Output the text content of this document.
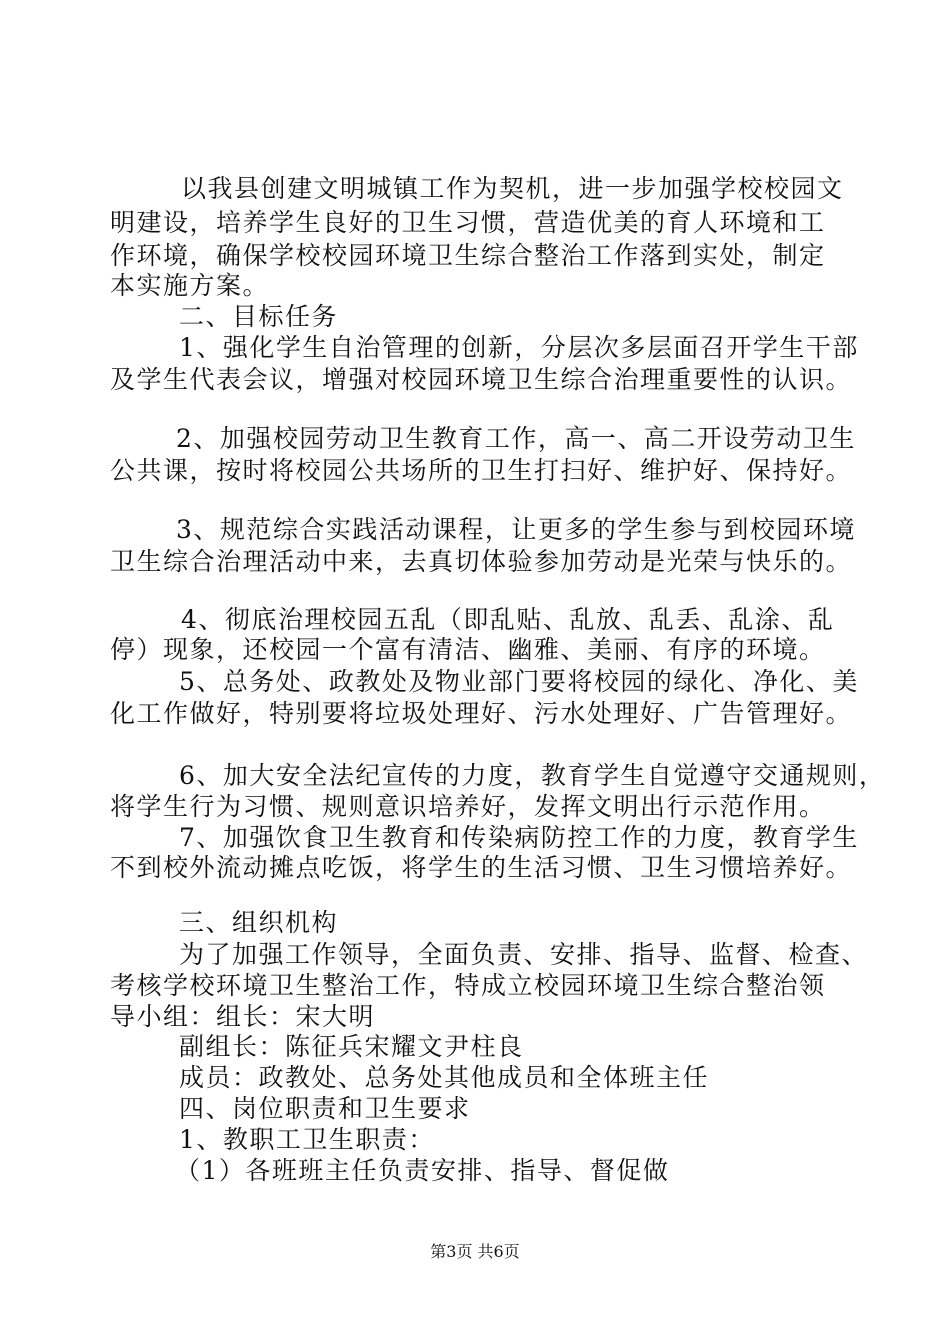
以我县创建文明城镇工作为契机，进一步加强学校校园文
明建设，培养学生良好的卫生习惯，营造优美的育人环境和工
作环境，确保学校校园环境卫生综合整治工作落到实处，制定
本实施方案。
二、目标任务
1、强化学生自治管理的创新，分层次多层面召开学生干部
及学生代表会议，增强对校园环境卫生综合治理重要性的认识。
2、加强校园劳动卫生教育工作，高一、高二开设劳动卫生
公共课，按时将校园公共场所的卫生打扫好、维护好、保持好。
3、规范综合实践活动课程，让更多的学生参与到校园环境
卫生综合治理活动中来，去真切体验参加劳动是光荣与快乐的。
4、彻底治理校园五乱（即乱贴、乱放、乱丢、乱涂、乱
停）现象，还校园一个富有清洁、幽雅、美丽、有序的环境。
5、总务处、政教处及物业部门要将校园的绿化、净化、美
化工作做好，特别要将垃圾处理好、污水处理好、广告管理好。
6、加大安全法纪宣传的力度，教育学生自觉遵守交通规则，
将学生行为习惯、规则意识培养好，发挥文明出行示范作用。
7、加强饮食卫生教育和传染病防控工作的力度，教育学生
不到校外流动摊点吃饭，将学生的生活习惯、卫生习惯培养好。
三、组织机构
为了加强工作领导，全面负责、安排、指导、监督、检查、
考核学校环境卫生整治工作，特成立校园环境卫生综合整治领
导小组：组长：宋大明
副组长：陈征兵宋耀文尹柱良
成员：政教处、总务处其他成员和全体班主任
四、岗位职责和卫生要求
1、教职工卫生职责：
（1）各班班主任负责安排、指导、督促做
第3页 共6页
